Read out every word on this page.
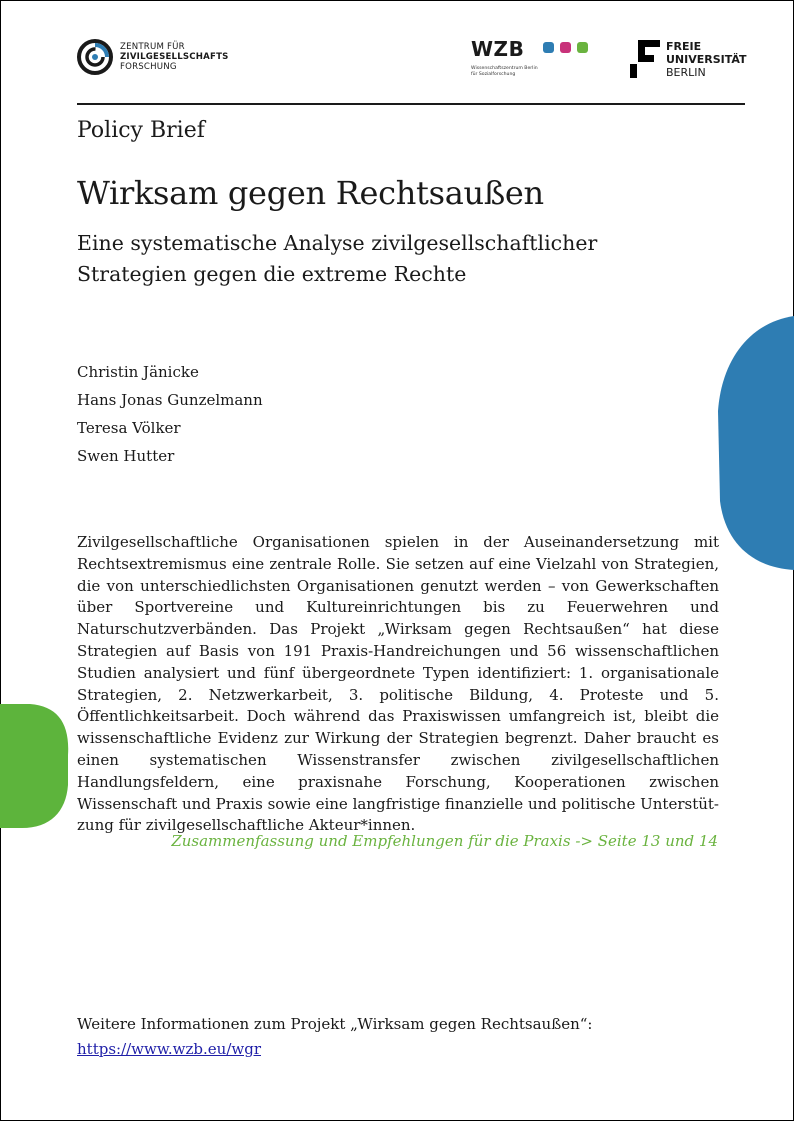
ZENTRUM FÜR
ZIVILGESELLSCHAFTS
FORSCHUNG
WZB
Wissenschaftszentrum Berlin
für Sozialforschung
FREIE
UNIVERSITÄT
BERLIN
Policy Brief
Wirksam gegen Rechtsaußen
Eine systematische Analyse zivilgesellschaftlicher Strategien gegen die extreme Rechte
Christin Jänicke
Hans Jonas Gunzelmann
Teresa Völker
Swen Hutter
Zivilgesellschaftliche Organisationen spielen in der Auseinandersetzung mit Rechtsextremismus eine zentrale Rolle. Sie setzen auf eine Vielzahl von Strategien, die von unterschiedlichsten Organisationen genutzt werden – von Gewerkschaften über Sportvereine und Kultureinrichtungen bis zu Feuerwehren und Naturschutzverbänden. Das Projekt „Wirksam gegen Rechtsaußen“ hat diese Strategien auf Basis von 191 Praxis-Handreichungen und 56 wissenschaftlichen Studien analysiert und fünf übergeordnete Typen identifiziert: 1. organisationale Strategien, 2. Netzwerkarbeit, 3. politische Bildung, 4. Proteste und 5. Öffentlichkeitsarbeit. Doch während das Praxiswissen umfangreich ist, bleibt die wissenschaftliche Evidenz zur Wirkung der Strategien begrenzt. Daher braucht es einen systematischen Wissenstransfer zwischen zivilgesellschaftlichen Handlungsfeldern, eine praxisnahe Forschung, Kooperationen zwischen Wissenschaft und Praxis sowie eine langfristige finanzielle und politische Unterstützung für zivilgesellschaftliche Akteur*innen.
Zusammenfassung und Empfehlungen für die Praxis -> Seite 13 und 14
Weitere Informationen zum Projekt „Wirksam gegen Rechtsaußen“:
https://www.wzb.eu/wgr
